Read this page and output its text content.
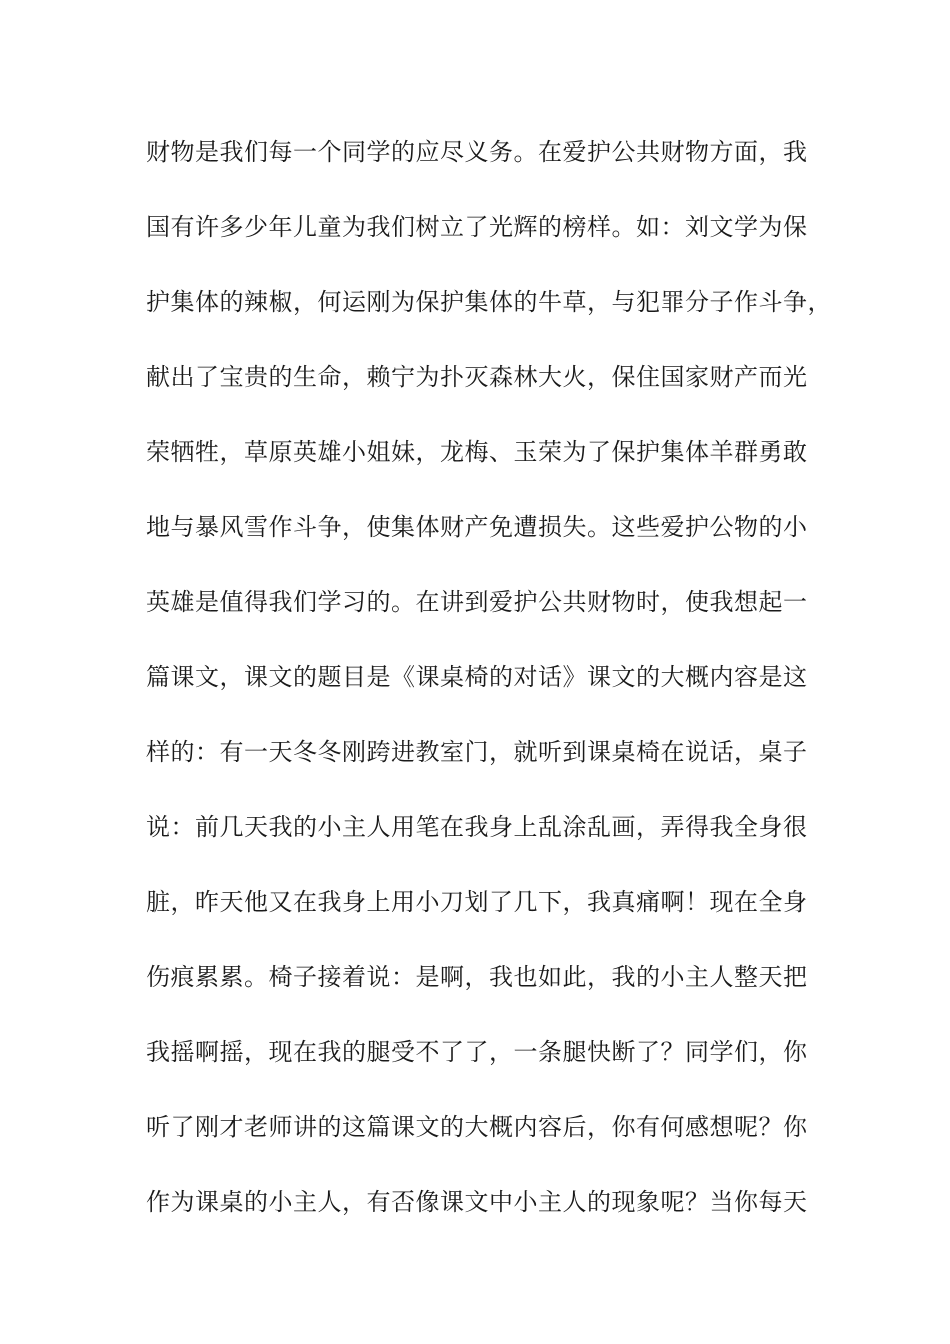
财物是我们每一个同学的应尽义务。在爱护公共财物方面，我
国有许多少年儿童为我们树立了光辉的榜样。如：刘文学为保
护集体的辣椒，何运刚为保护集体的牛草，与犯罪分子作斗争，
献出了宝贵的生命，赖宁为扑灭森林大火，保住国家财产而光
荣牺牲，草原英雄小姐妹，龙梅、玉荣为了保护集体羊群勇敢
地与暴风雪作斗争，使集体财产免遭损失。这些爱护公物的小
英雄是值得我们学习的。在讲到爱护公共财物时，使我想起一
篇课文，课文的题目是《课桌椅的对话》课文的大概内容是这
样的：有一天冬冬刚跨进教室门，就听到课桌椅在说话，桌子
说：前几天我的小主人用笔在我身上乱涂乱画，弄得我全身很
脏，昨天他又在我身上用小刀划了几下，我真痛啊！现在全身
伤痕累累。椅子接着说：是啊，我也如此，我的小主人整天把
我摇啊摇，现在我的腿受不了了，一条腿快断了？同学们，你
听了刚才老师讲的这篇课文的大概内容后，你有何感想呢？你
作为课桌的小主人，有否像课文中小主人的现象呢？当你每天
